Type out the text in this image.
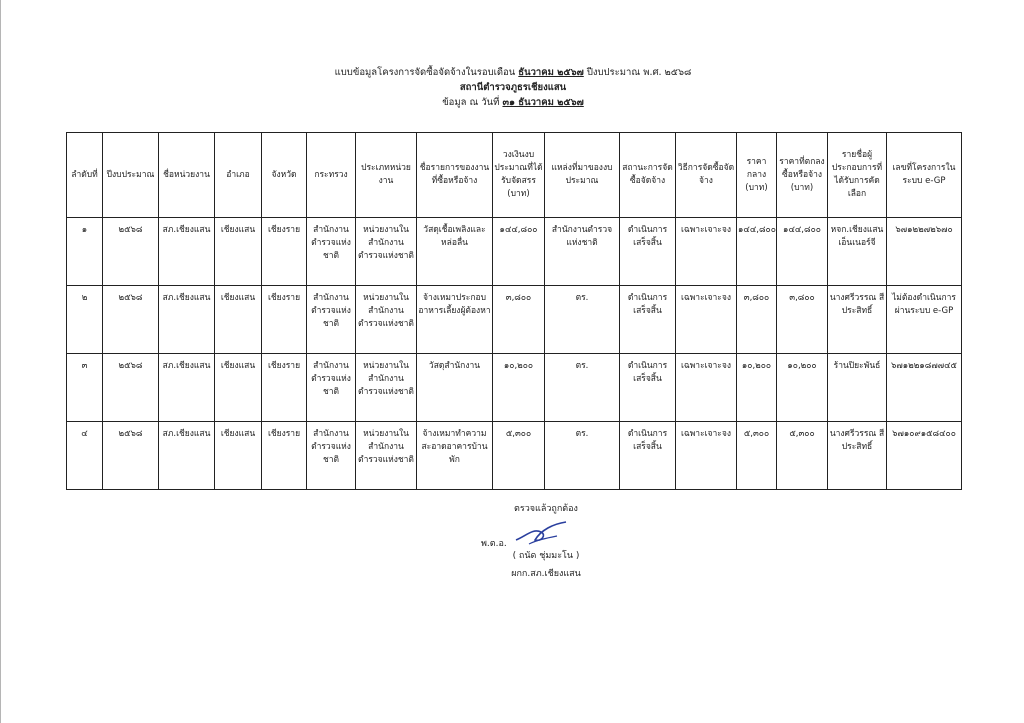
แบบข้อมูลโครงการจัดซื้อจัดจ้างในรอบเดือน ธันวาคม ๒๕๖๗ ปีงบประมาณ พ.ศ. ๒๕๖๘
สถานีตำรวจภูธรเชียงแสน
ข้อมูล ณ วันที่ ๓๑ ธันวาคม ๒๕๖๗
ลำดับที่	ปีงบประมาณ	ชื่อหน่วยงาน	อำเภอ	จังหวัด	กระทรวง	ประเภทหน่วยงาน	ชื่อรายการของงานที่ซื้อหรือจ้าง	วงเงินงบประมาณที่ได้รับจัดสรร (บาท)	แหล่งที่มาของงบประมาณ	สถานะการจัดซื้อจัดจ้าง	วิธีการจัดซื้อจัดจ้าง	ราคากลาง (บาท)	ราคาที่ตกลงซื้อหรือจ้าง (บาท)	รายชื่อผู้ประกอบการที่ได้รับการคัดเลือก	เลขที่โครงการในระบบ e-GP
๑	๒๕๖๘	สภ.เชียงแสน	เชียงแสน	เชียงราย	สำนักงานตำรวจแห่งชาติ	หน่วยงานในสำนักงานตำรวจแห่งชาติ	วัสดุเชื้อเพลิงและหล่อลื่น	๑๔๔,๘๐๐	สำนักงานตำรวจแห่งชาติ	ดำเนินการเสร็จสิ้น	เฉพาะเจาะจง	๑๔๔,๘๐๐	๑๔๔,๘๐๐	หจก.เชียงแสนเอ็นเนอร์จี	๖๗๑๒๒๗๒๖๗๐
๒	๒๕๖๘	สภ.เชียงแสน	เชียงแสน	เชียงราย	สำนักงานตำรวจแห่งชาติ	หน่วยงานในสำนักงานตำรวจแห่งชาติ	จ้างเหมาประกอบอาหารเลี้ยงผู้ต้องหา	๓,๘๐๐	ตร.	ดำเนินการเสร็จสิ้น	เฉพาะเจาะจง	๓,๘๐๐	๓,๘๐๐	นางศรีวรรณ สีประสิทธิ์	ไม่ต้องดำเนินการผ่านระบบ e-GP
๓	๒๕๖๘	สภ.เชียงแสน	เชียงแสน	เชียงราย	สำนักงานตำรวจแห่งชาติ	หน่วยงานในสำนักงานตำรวจแห่งชาติ	วัสดุสำนักงาน	๑๐,๒๐๐	ตร.	ดำเนินการเสร็จสิ้น	เฉพาะเจาะจง	๑๐,๒๐๐	๑๐,๒๐๐	ร้านปิยะพันธ์	๖๗๑๒๒๑๘๗๗๔๕
๔	๒๕๖๘	สภ.เชียงแสน	เชียงแสน	เชียงราย	สำนักงานตำรวจแห่งชาติ	หน่วยงานในสำนักงานตำรวจแห่งชาติ	จ้างเหมาทำความสะอาดอาคารบ้านพัก	๕,๓๐๐	ตร.	ดำเนินการเสร็จสิ้น	เฉพาะเจาะจง	๕,๓๐๐	๕,๓๐๐	นางศรีวรรณ สีประสิทธิ์	๖๗๑๐๙๑๕๘๔๐๐
ตรวจแล้วถูกต้อง
พ.ต.อ.
( ถนัด ชุ่มมะโน )
ผกก.สภ.เชียงแสน
